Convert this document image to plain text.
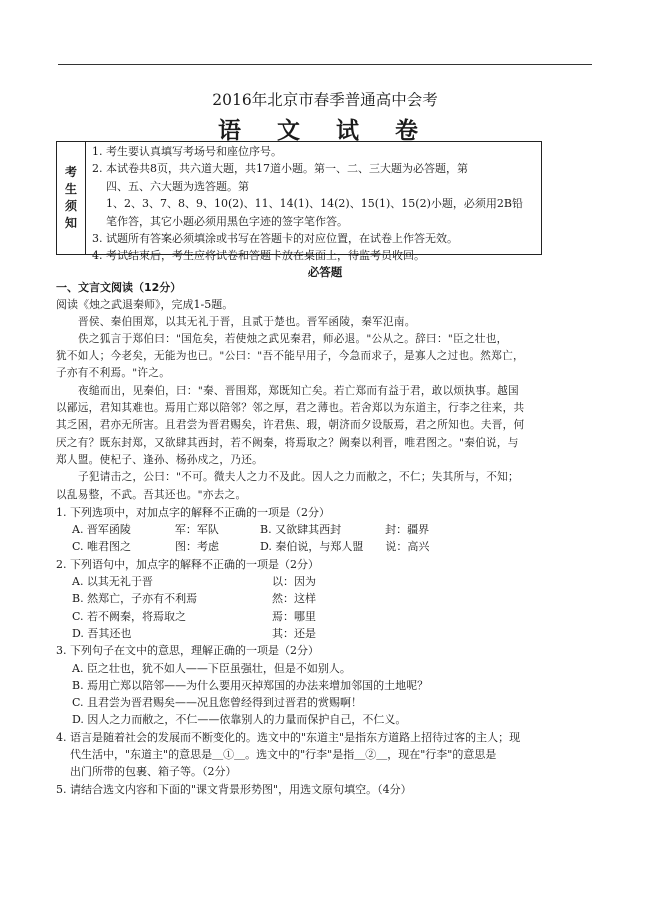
2016年北京市春季普通高中会考
语 文 试 卷
考
生
须
知
1. 考生要认真填写考场号和座位序号。
2. 本试卷共8页，共六道大题，共17道小题。第一、二、三大题为必答题，第
四、五、六大题为选答题。第
1、2、3、7、8、9、10(2)、11、14(1)、14(2)、15(1)、15(2)小题，必须用2B铅
笔作答，其它小题必须用黑色字迹的签字笔作答。
3. 试题所有答案必须填涂或书写在答题卡的对应位置，在试卷上作答无效。
4. 考试结束后，考生应将试卷和答题卡放在桌面上，待监考员收回。
必答题
一、文言文阅读（12分）
阅读《烛之武退秦师》，完成1-5题。
晋侯、秦伯围郑，以其无礼于晋，且贰于楚也。晋军函陵，秦军氾南。
佚之狐言于郑伯曰："国危矣，若使烛之武见秦君，师必退。"公从之。辞曰："臣之壮也，
犹不如人；今老矣，无能为也已。"公曰："吾不能早用子，今急而求子，是寡人之过也。然郑亡，
子亦有不利焉。"许之。
夜缒而出，见秦伯，曰："秦、晋围郑，郑既知亡矣。若亡郑而有益于君，敢以烦执事。越国
以鄙远，君知其难也。焉用亡郑以陪邻？邻之厚，君之薄也。若舍郑以为东道主，行李之往来，共
其乏困，君亦无所害。且君尝为晋君赐矣，许君焦、瑕，朝济而夕设版焉，君之所知也。夫晋，何
厌之有？既东封郑，又欲肆其西封，若不阙秦，将焉取之？阙秦以利晋，唯君图之。"秦伯说，与
郑人盟。使杞子、逢孙、杨孙戍之，乃还。
子犯请击之，公曰："不可。微夫人之力不及此。因人之力而敝之，不仁；失其所与，不知；
以乱易整，不武。吾其还也。"亦去之。
1. 下列选项中，对加点字的解释不正确的一项是（2分）
A. 晋军函陵　　　　军：军队	B. 又欲肆其西封　　　　封：疆界
C. 唯君图之　　　　图：考虑	D. 秦伯说，与郑人盟　　说：高兴
2. 下列语句中，加点字的解释不正确的一项是（2分）
A. 以其无礼于晋	以：因为
B. 然郑亡，子亦有不利焉	然：这样
C. 若不阙秦，将焉取之	焉：哪里
D. 吾其还也	其：还是
3. 下列句子在文中的意思，理解正确的一项是（2分）
A. 臣之壮也，犹不如人——下臣虽强壮，但是不如别人。
B. 焉用亡郑以陪邻——为什么要用灭掉郑国的办法来增加邻国的土地呢？
C. 且君尝为晋君赐矣——况且您曾经得到过晋君的赏赐啊！
D. 因人之力而敝之，不仁——依靠别人的力量而保护自己，不仁义。
4. 语言是随着社会的发展而不断变化的。选文中的"东道主"是指东方道路上招待过客的主人；现
代生活中，"东道主"的意思是＿①＿。选文中的"行李"是指＿②＿，现在"行李"的意思是
出门所带的包裹、箱子等。（2分）
5. 请结合选文内容和下面的"课文背景形势图"，用选文原句填空。（4分）
